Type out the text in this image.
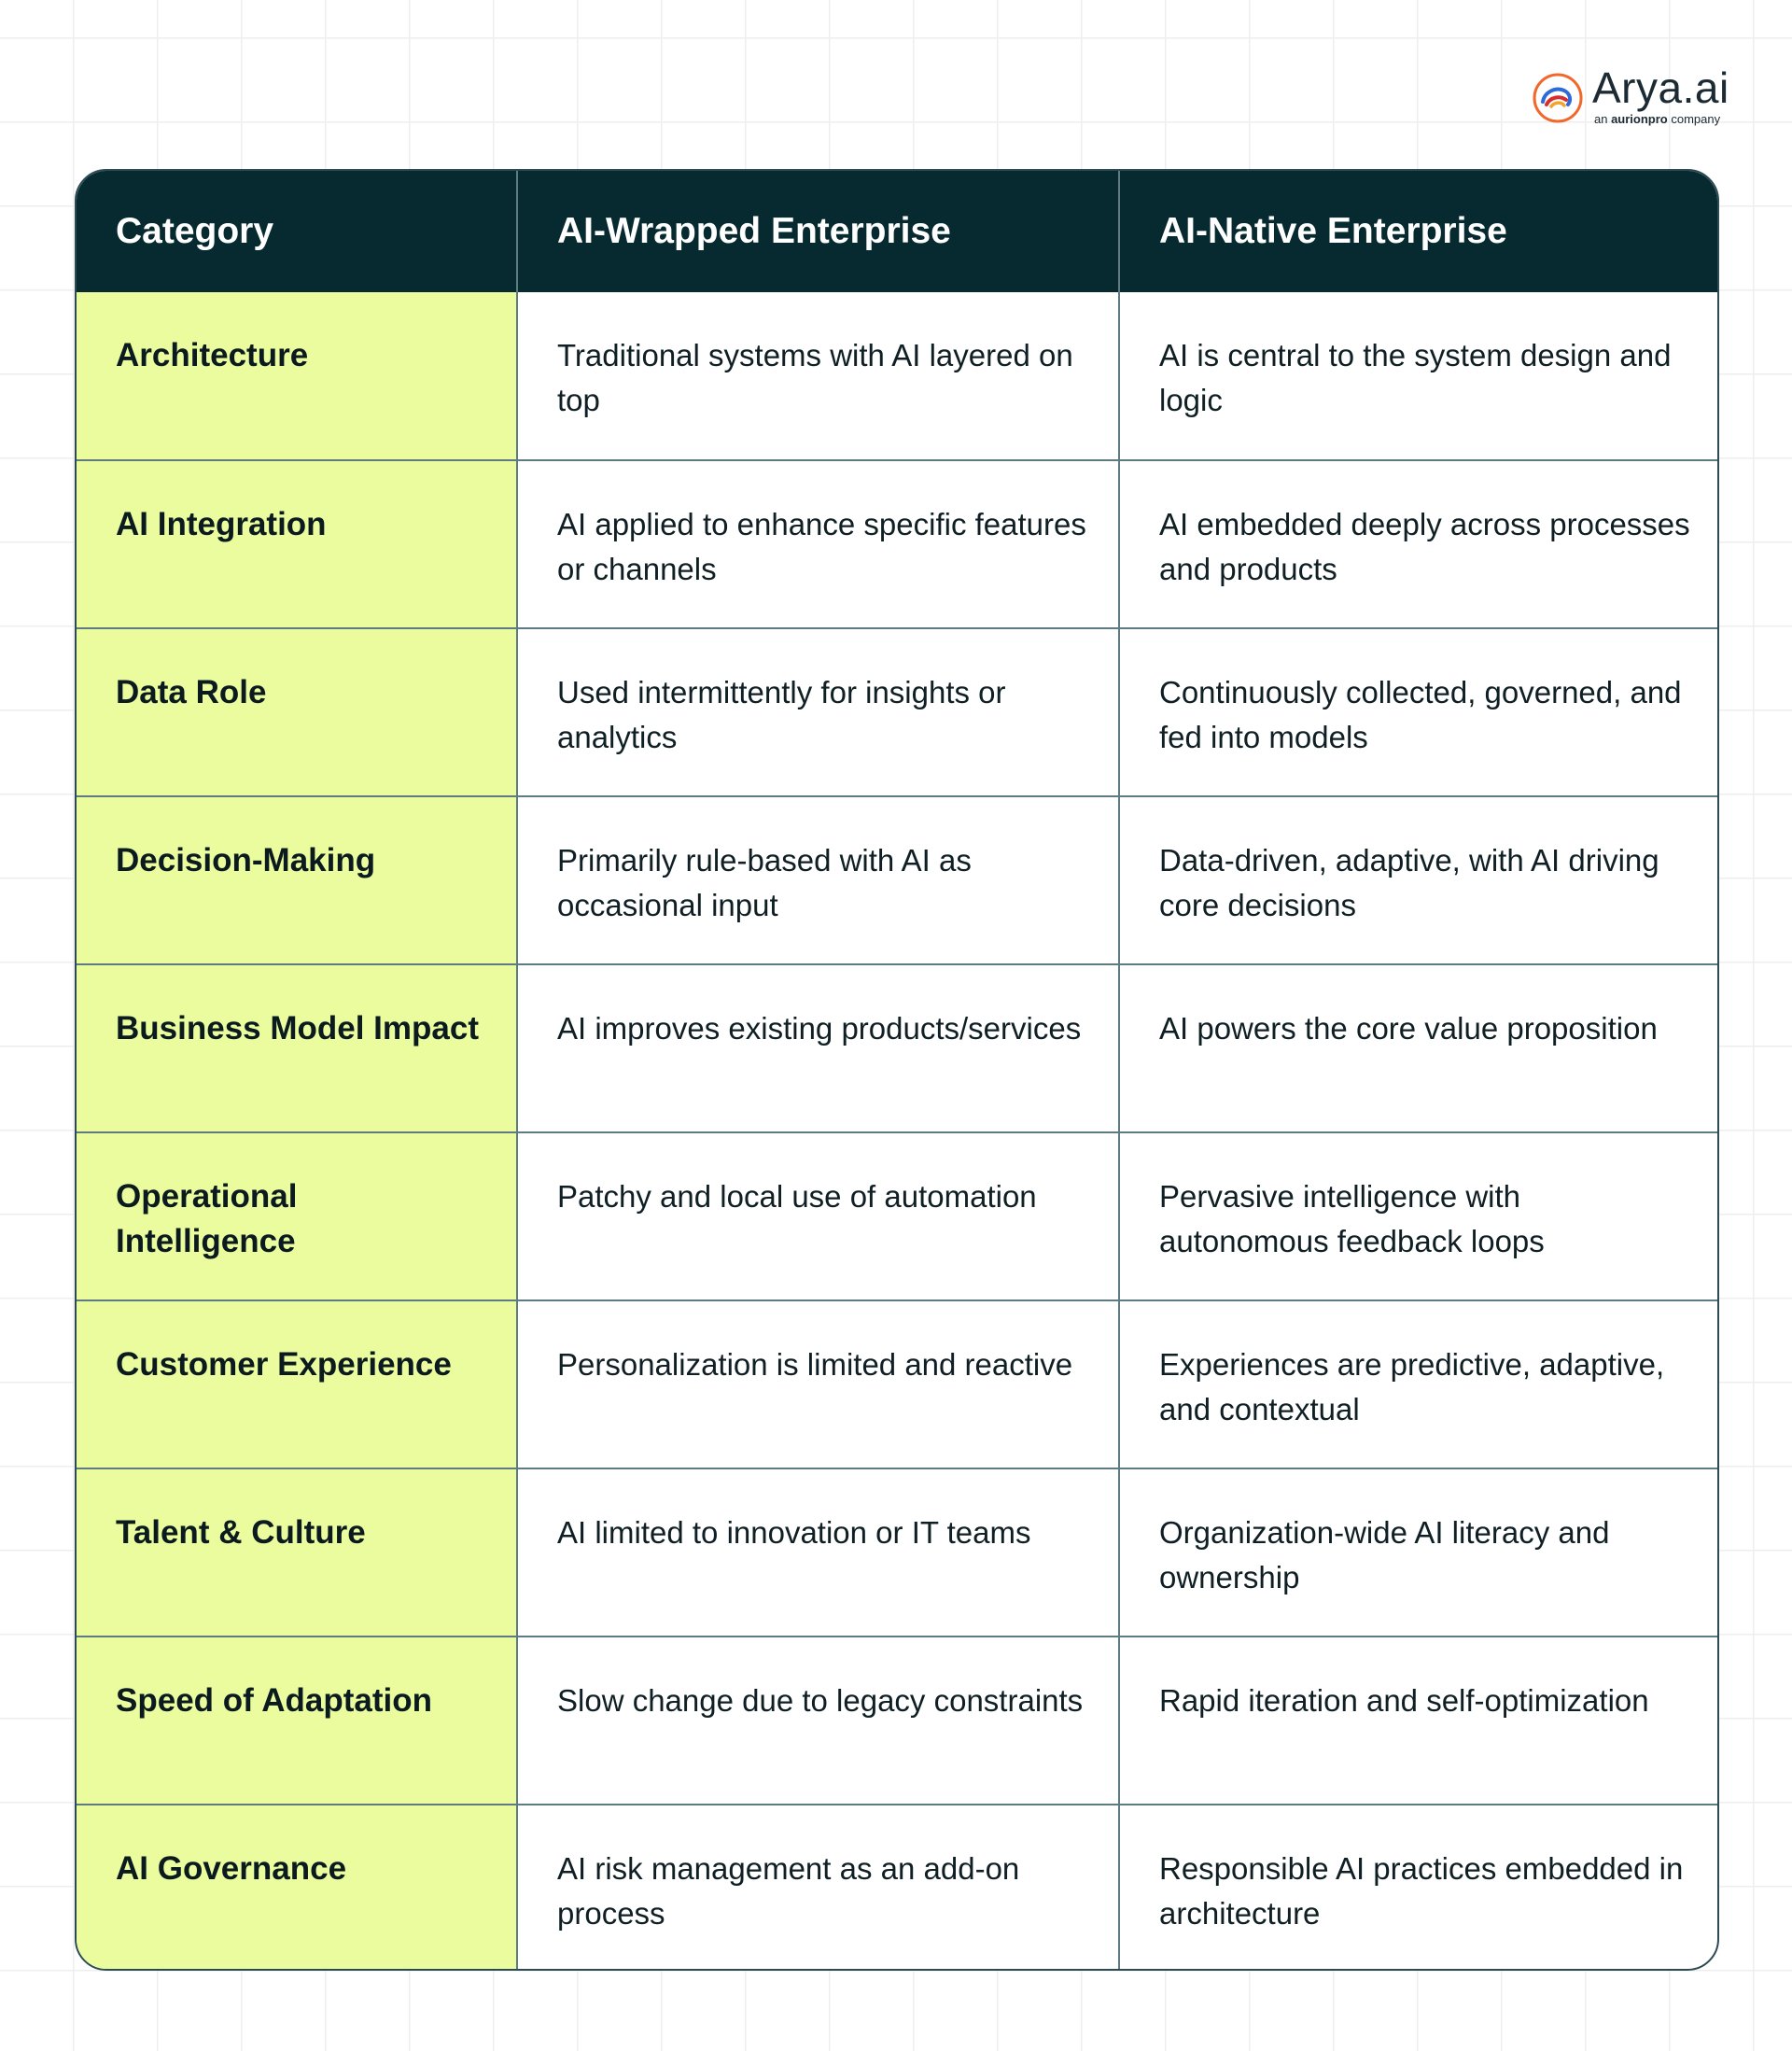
Arya.ai
an aurionpro company
Category	AI-Wrapped Enterprise	AI-Native Enterprise
Architecture	Traditional systems with AI layered on top	AI is central to the system design and logic
AI Integration	AI applied to enhance specific features or channels	AI embedded deeply across processes and products
Data Role	Used intermittently for insights or analytics	Continuously collected, governed, and fed into models
Decision-Making	Primarily rule-based with AI as occasional input	Data-driven, adaptive, with AI driving core decisions
Business Model Impact	AI improves existing products/services	AI powers the core value proposition
Operational Intelligence	Patchy and local use of automation	Pervasive intelligence with autonomous feedback loops
Customer Experience	Personalization is limited and reactive	Experiences are predictive, adaptive, and contextual
Talent & Culture	AI limited to innovation or IT teams	Organization-wide AI literacy and ownership
Speed of Adaptation	Slow change due to legacy constraints	Rapid iteration and self-optimization
AI Governance	AI risk management as an add-on process	Responsible AI practices embedded in architecture
